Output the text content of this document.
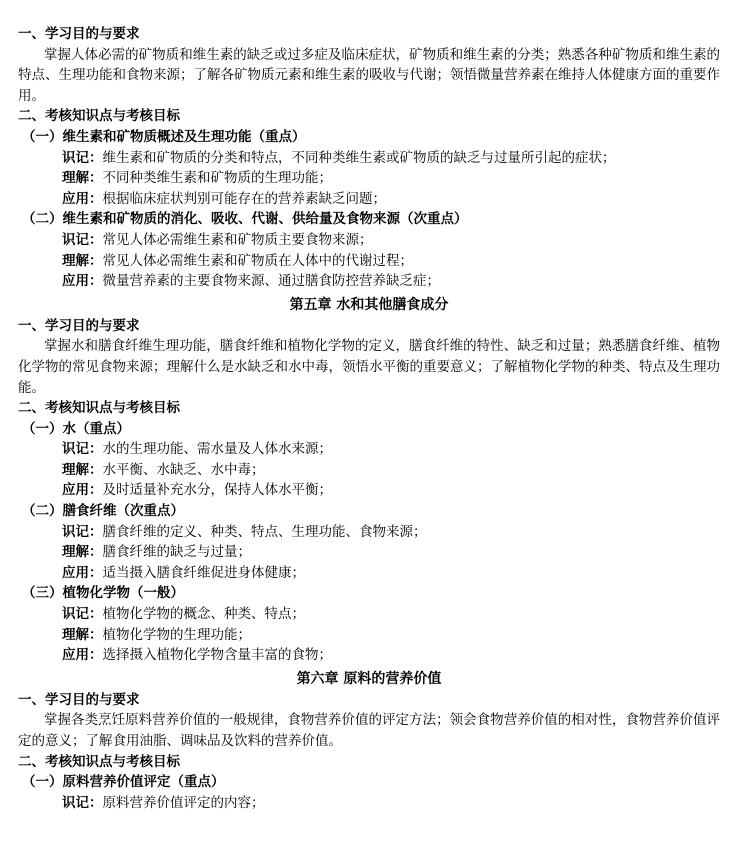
一、学习目的与要求
掌握人体必需的矿物质和维生素的缺乏或过多症及临床症状，矿物质和维生素的分类；熟悉各种矿物质和维生素的特点、生理功能和食物来源；了解各矿物质元素和维生素的吸收与代谢；领悟微量营养素在维持人体健康方面的重要作用。
二、考核知识点与考核目标
（一）维生素和矿物质概述及生理功能（重点）
识记：维生素和矿物质的分类和特点，不同种类维生素或矿物质的缺乏与过量所引起的症状；
理解：不同种类维生素和矿物质的生理功能；
应用：根据临床症状判别可能存在的营养素缺乏问题；
（二）维生素和矿物质的消化、吸收、代谢、供给量及食物来源（次重点）
识记：常见人体必需维生素和矿物质主要食物来源；
理解：常见人体必需维生素和矿物质在人体中的代谢过程；
应用：微量营养素的主要食物来源、通过膳食防控营养缺乏症；
第五章 水和其他膳食成分
一、学习目的与要求
掌握水和膳食纤维生理功能，膳食纤维和植物化学物的定义，膳食纤维的特性、缺乏和过量；熟悉膳食纤维、植物化学物的常见食物来源；理解什么是水缺乏和水中毒，领悟水平衡的重要意义；了解植物化学物的种类、特点及生理功能。
二、考核知识点与考核目标
（一）水（重点）
识记：水的生理功能、需水量及人体水来源；
理解：水平衡、水缺乏、水中毒；
应用：及时适量补充水分，保持人体水平衡；
（二）膳食纤维（次重点）
识记：膳食纤维的定义、种类、特点、生理功能、食物来源；
理解：膳食纤维的缺乏与过量；
应用：适当摄入膳食纤维促进身体健康；
（三）植物化学物（一般）
识记：植物化学物的概念、种类、特点；
理解：植物化学物的生理功能；
应用：选择摄入植物化学物含量丰富的食物；
第六章 原料的营养价值
一、学习目的与要求
掌握各类烹饪原料营养价值的一般规律，食物营养价值的评定方法；领会食物营养价值的相对性，食物营养价值评定的意义；了解食用油脂、调味品及饮料的营养价值。
二、考核知识点与考核目标
（一）原料营养价值评定（重点）
识记：原料营养价值评定的内容；
